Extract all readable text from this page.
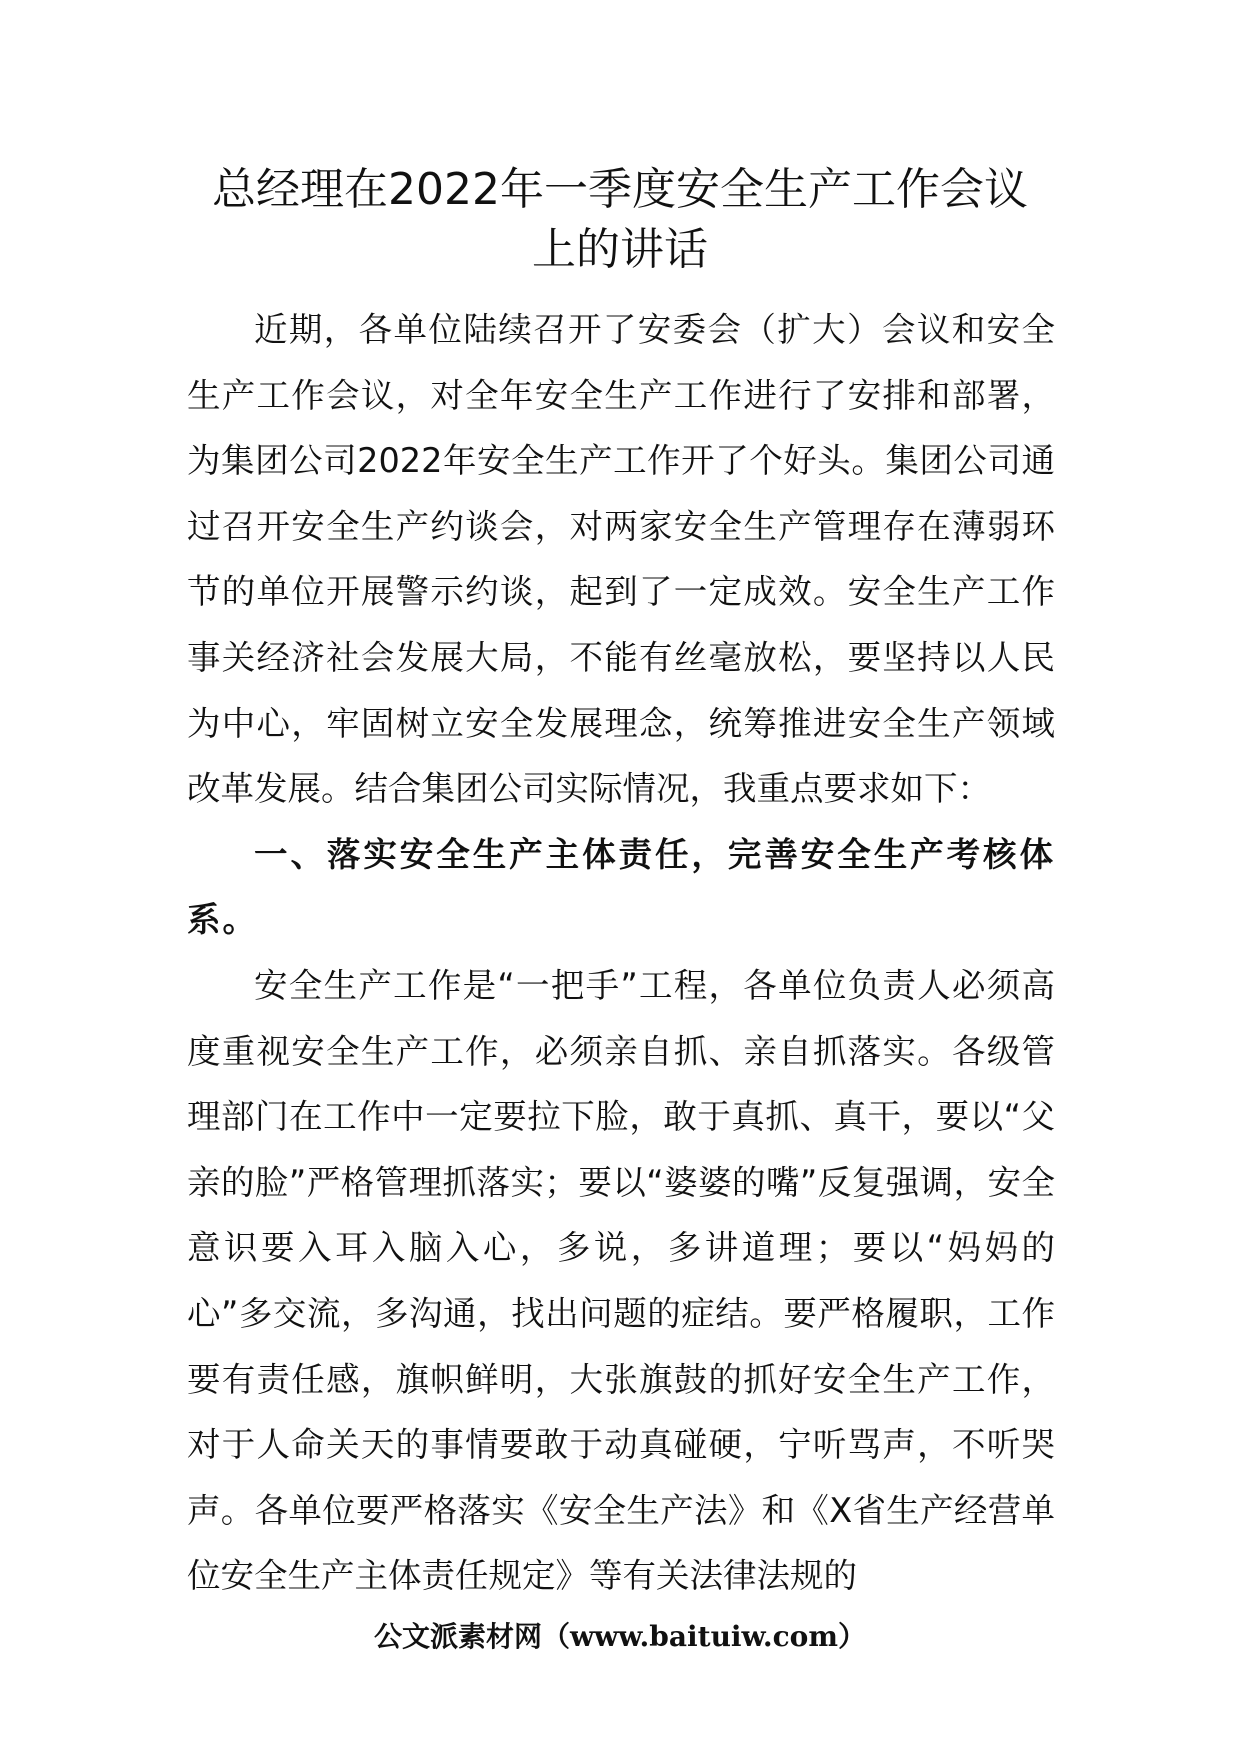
总经理在2022年一季度安全生产工作会议
上的讲话

近期，各单位陆续召开了安委会（扩大）会议和安全生产工作会议，对全年安全生产工作进行了安排和部署，为集团公司2022年安全生产工作开了个好头。集团公司通过召开安全生产约谈会，对两家安全生产管理存在薄弱环节的单位开展警示约谈，起到了一定成效。安全生产工作事关经济社会发展大局，不能有丝毫放松，要坚持以人民为中心，牢固树立安全发展理念，统筹推进安全生产领域改革发展。结合集团公司实际情况，我重点要求如下：

一、落实安全生产主体责任，完善安全生产考核体系。

安全生产工作是“一把手”工程，各单位负责人必须高度重视安全生产工作，必须亲自抓、亲自抓落实。各级管理部门在工作中一定要拉下脸，敢于真抓、真干，要以“父亲的脸”严格管理抓落实；要以“婆婆的嘴”反复强调，安全意识要入耳入脑入心，多说，多讲道理；要以“妈妈的心”多交流，多沟通，找出问题的症结。要严格履职，工作要有责任感，旗帜鲜明，大张旗鼓的抓好安全生产工作，对于人命关天的事情要敢于动真碰硬，宁听骂声，不听哭声。各单位要严格落实《安全生产法》和《X省生产经营单位安全生产主体责任规定》等有关法律法规的

公文派素材网（www.baituiw.com）
